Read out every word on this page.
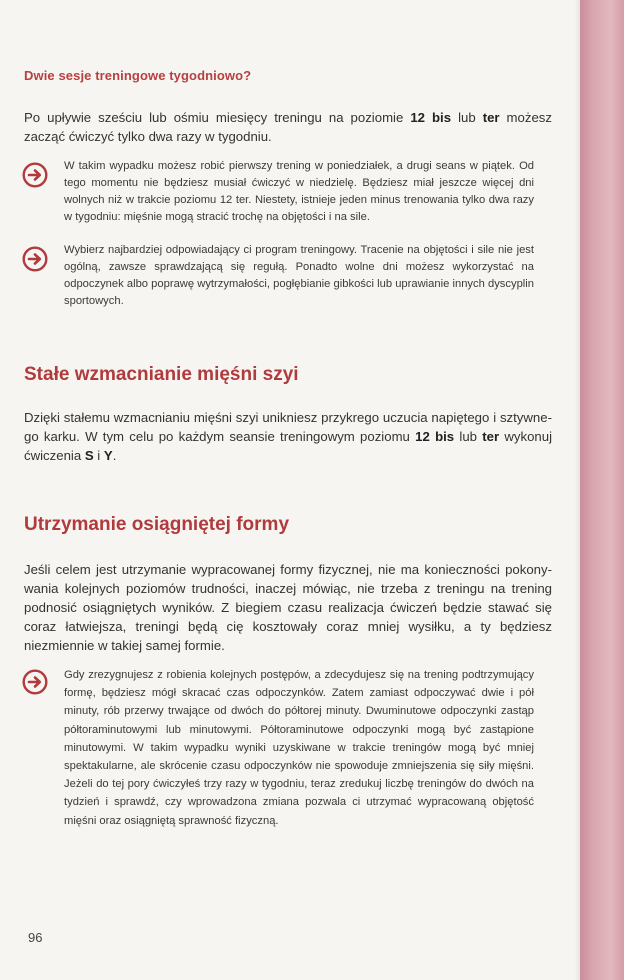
Dwie sesje treningowe tygodniowo?
Po upływie sześciu lub ośmiu miesięcy treningu na poziomie 12 bis lub ter możesz zacząć ćwiczyć tylko dwa razy w tygodniu.
W takim wypadku możesz robić pierwszy trening w poniedziałek, a drugi seans w piątek. Od tego momentu nie będziesz musiał ćwiczyć w niedzielę. Będziesz miał jeszcze więcej dni wolnych niż w trakcie poziomu 12 ter. Niestety, istnieje jeden minus trenowania tylko dwa razy w tygodniu: mięśnie mogą stracić trochę na objętości i na sile.
Wybierz najbardziej odpowiadający ci program treningowy. Tracenie na objętości i sile nie jest ogólną, zawsze sprawdzającą się regułą. Ponadto wolne dni możesz wykorzystać na odpoczynek albo poprawę wytrzymałości, pogłębianie gibkości lub uprawianie innych dyscyplin sportowych.
Stałe wzmacnianie mięśni szyi
Dzięki stałemu wzmacnianiu mięśni szyi unikniesz przykrego uczucia napiętego i sztywnego karku. W tym celu po każdym seansie treningowym poziomu 12 bis lub ter wykonuj ćwiczenia S i Y.
Utrzymanie osiągniętej formy
Jeśli celem jest utrzymanie wypracowanej formy fizycznej, nie ma konieczności pokonywania kolejnych poziomów trudności, inaczej mówiąc, nie trzeba z treningu na trening podnosić osiągniętych wyników. Z biegiem czasu realizacja ćwiczeń będzie stawać się coraz łatwiejsza, treningi będą cię kosztowały coraz mniej wysiłku, a ty będziesz niezmiennie w takiej samej formie.
Gdy zrezygnujesz z robienia kolejnych postępów, a zdecydujesz się na trening podtrzymujący formę, będziesz mógł skracać czas odpoczynków. Zatem zamiast odpoczywać dwie i pół minuty, rób przerwy trwające od dwóch do półtorej minuty. Dwuminutowe odpoczynki zastąp półtoraminutowymi lub minutowymi. Półtoraminutowe odpoczynki mogą być zastąpione minutowymi. W takim wypadku wyniki uzyskiwane w trakcie treningów mogą być mniej spektakularne, ale skrócenie czasu odpoczynków nie spowoduje zmniejszenia się siły mięśni. Jeżeli do tej pory ćwiczyłeś trzy razy w tygodniu, teraz zredukuj liczbę treningów do dwóch na tydzień i sprawdź, czy wprowadzona zmiana pozwala ci utrzymać wypracowaną objętość mięśni oraz osiągniętą sprawność fizyczną.
96
